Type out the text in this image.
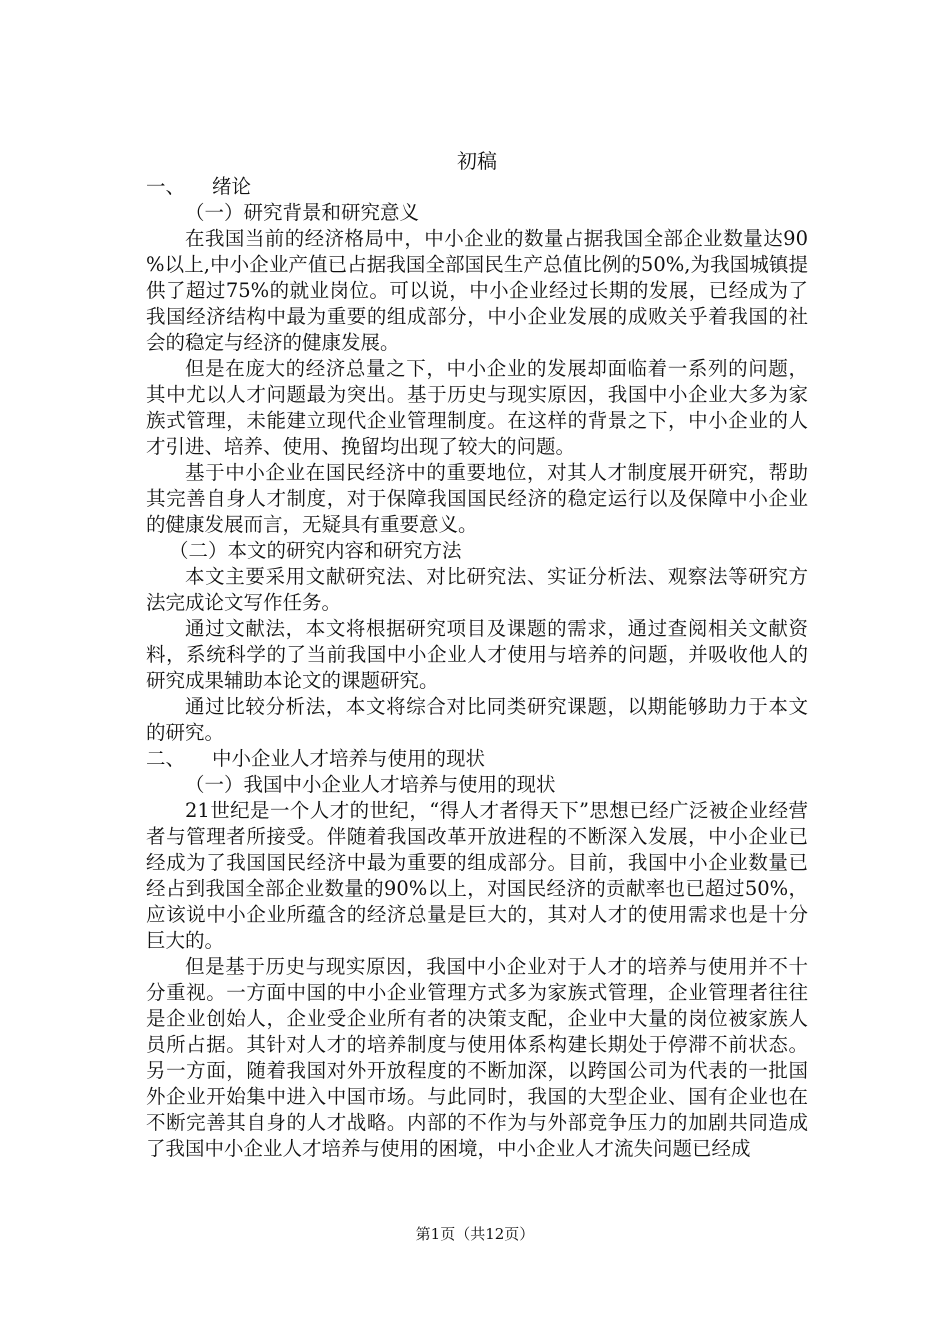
初稿

一、 绪论

（一）研究背景和研究意义

在我国当前的经济格局中，中小企业的数量占据我国全部企业数量达90%以上,中小企业产值已占据我国全部国民生产总值比例的50%,为我国城镇提供了超过75%的就业岗位。可以说，中小企业经过长期的发展，已经成为了我国经济结构中最为重要的组成部分，中小企业发展的成败关乎着我国的社会的稳定与经济的健康发展。

但是在庞大的经济总量之下，中小企业的发展却面临着一系列的问题，其中尤以人才问题最为突出。基于历史与现实原因，我国中小企业大多为家族式管理，未能建立现代企业管理制度。在这样的背景之下，中小企业的人才引进、培养、使用、挽留均出现了较大的问题。

基于中小企业在国民经济中的重要地位，对其人才制度展开研究，帮助其完善自身人才制度，对于保障我国国民经济的稳定运行以及保障中小企业的健康发展而言，无疑具有重要意义。

（二）本文的研究内容和研究方法

本文主要采用文献研究法、对比研究法、实证分析法、观察法等研究方法完成论文写作任务。

通过文献法，本文将根据研究项目及课题的需求，通过查阅相关文献资料，系统科学的了当前我国中小企业人才使用与培养的问题，并吸收他人的研究成果辅助本论文的课题研究。

通过比较分析法，本文将综合对比同类研究课题，以期能够助力于本文的研究。

二、 中小企业人才培养与使用的现状

（一）我国中小企业人才培养与使用的现状

21世纪是一个人才的世纪，“得人才者得天下”思想已经广泛被企业经营者与管理者所接受。伴随着我国改革开放进程的不断深入发展，中小企业已经成为了我国国民经济中最为重要的组成部分。目前，我国中小企业数量已经占到我国全部企业数量的90%以上，对国民经济的贡献率也已超过50%，应该说中小企业所蕴含的经济总量是巨大的，其对人才的使用需求也是十分巨大的。

但是基于历史与现实原因，我国中小企业对于人才的培养与使用并不十分重视。一方面中国的中小企业管理方式多为家族式管理，企业管理者往往是企业创始人，企业受企业所有者的决策支配，企业中大量的岗位被家族人员所占据。其针对人才的培养制度与使用体系构建长期处于停滞不前状态。另一方面，随着我国对外开放程度的不断加深，以跨国公司为代表的一批国外企业开始集中进入中国市场。与此同时，我国的大型企业、国有企业也在不断完善其自身的人才战略。内部的不作为与外部竞争压力的加剧共同造成了我国中小企业人才培养与使用的困境，中小企业人才流失问题已经成

第1页（共12页）
